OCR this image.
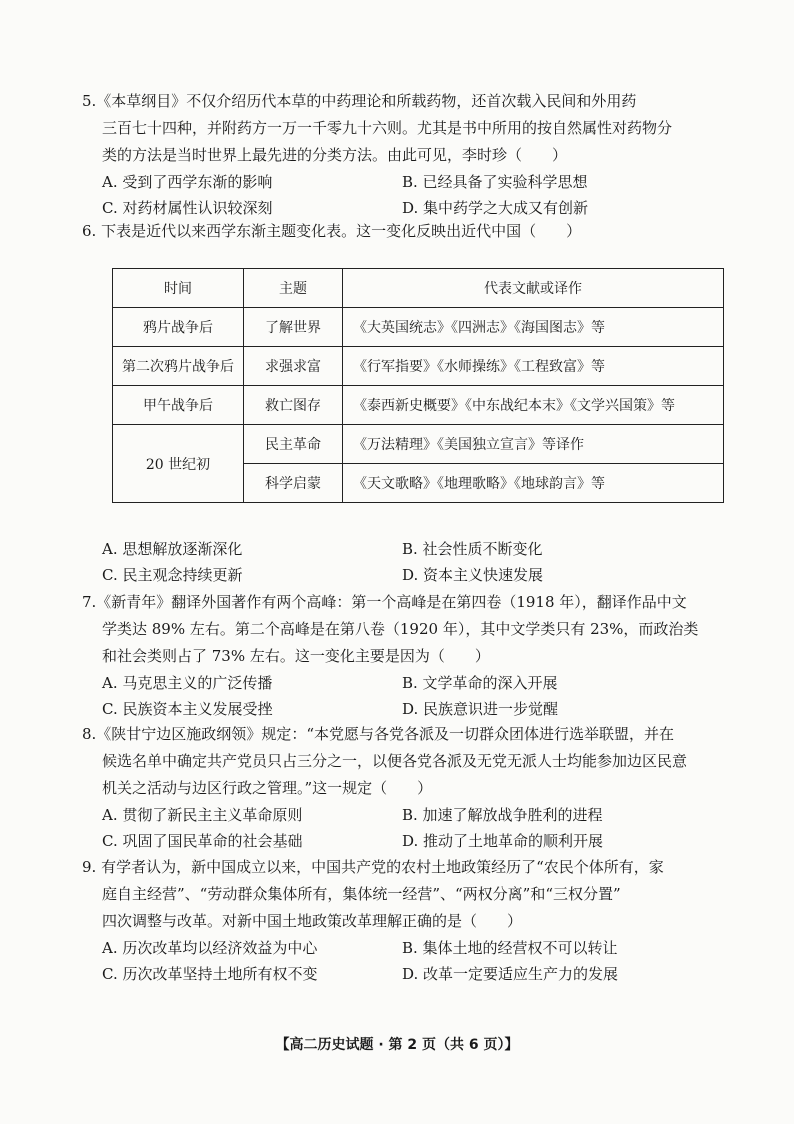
5.《本草纲目》不仅介绍历代本草的中药理论和所载药物，还首次载入民间和外用药
三百七十四种，并附药方一万一千零九十六则。尤其是书中所用的按自然属性对药物分
类的方法是当时世界上最先进的分类方法。由此可见，李时珍（　　）

A. 受到了西学东渐的影响	B. 已经具备了实验科学思想
C. 对药材属性认识较深刻	D. 集中药学之大成又有创新

6. 下表是近代以来西学东渐主题变化表。这一变化反映出近代中国（　　）

时间	主题	代表文献或译作
鸦片战争后	了解世界	《大英国统志》《四洲志》《海国图志》等
第二次鸦片战争后	求强求富	《行军指要》《水师操练》《工程致富》等
甲午战争后	救亡图存	《泰西新史概要》《中东战纪本末》《文学兴国策》等
20 世纪初	民主革命	《万法精理》《美国独立宣言》等译作
	科学启蒙	《天文歌略》《地理歌略》《地球韵言》等
A. 思想解放逐渐深化	B. 社会性质不断变化
C. 民主观念持续更新	D. 资本主义快速发展

7.《新青年》翻译外国著作有两个高峰：第一个高峰是在第四卷（1918 年），翻译作品中文
学类达 89% 左右。第二个高峰是在第八卷（1920 年），其中文学类只有 23%，而政治类
和社会类则占了 73% 左右。这一变化主要是因为（　　）

A. 马克思主义的广泛传播	B. 文学革命的深入开展
C. 民族资本主义发展受挫	D. 民族意识进一步觉醒

8.《陕甘宁边区施政纲领》规定：“本党愿与各党各派及一切群众团体进行选举联盟，并在
候选名单中确定共产党员只占三分之一，以便各党各派及无党无派人士均能参加边区民意
机关之活动与边区行政之管理。”这一规定（　　）

A. 贯彻了新民主主义革命原则	B. 加速了解放战争胜利的进程
C. 巩固了国民革命的社会基础	D. 推动了土地革命的顺利开展

9. 有学者认为，新中国成立以来，中国共产党的农村土地政策经历了“农民个体所有，家
庭自主经营”、“劳动群众集体所有，集体统一经营”、“两权分离”和“三权分置”
四次调整与改革。对新中国土地政策改革理解正确的是（　　）

A. 历次改革均以经济效益为中心	B. 集体土地的经营权不可以转让
C. 历次改革坚持土地所有权不变	D. 改革一定要适应生产力的发展
【高二历史试题 · 第 2 页（共 6 页）】
